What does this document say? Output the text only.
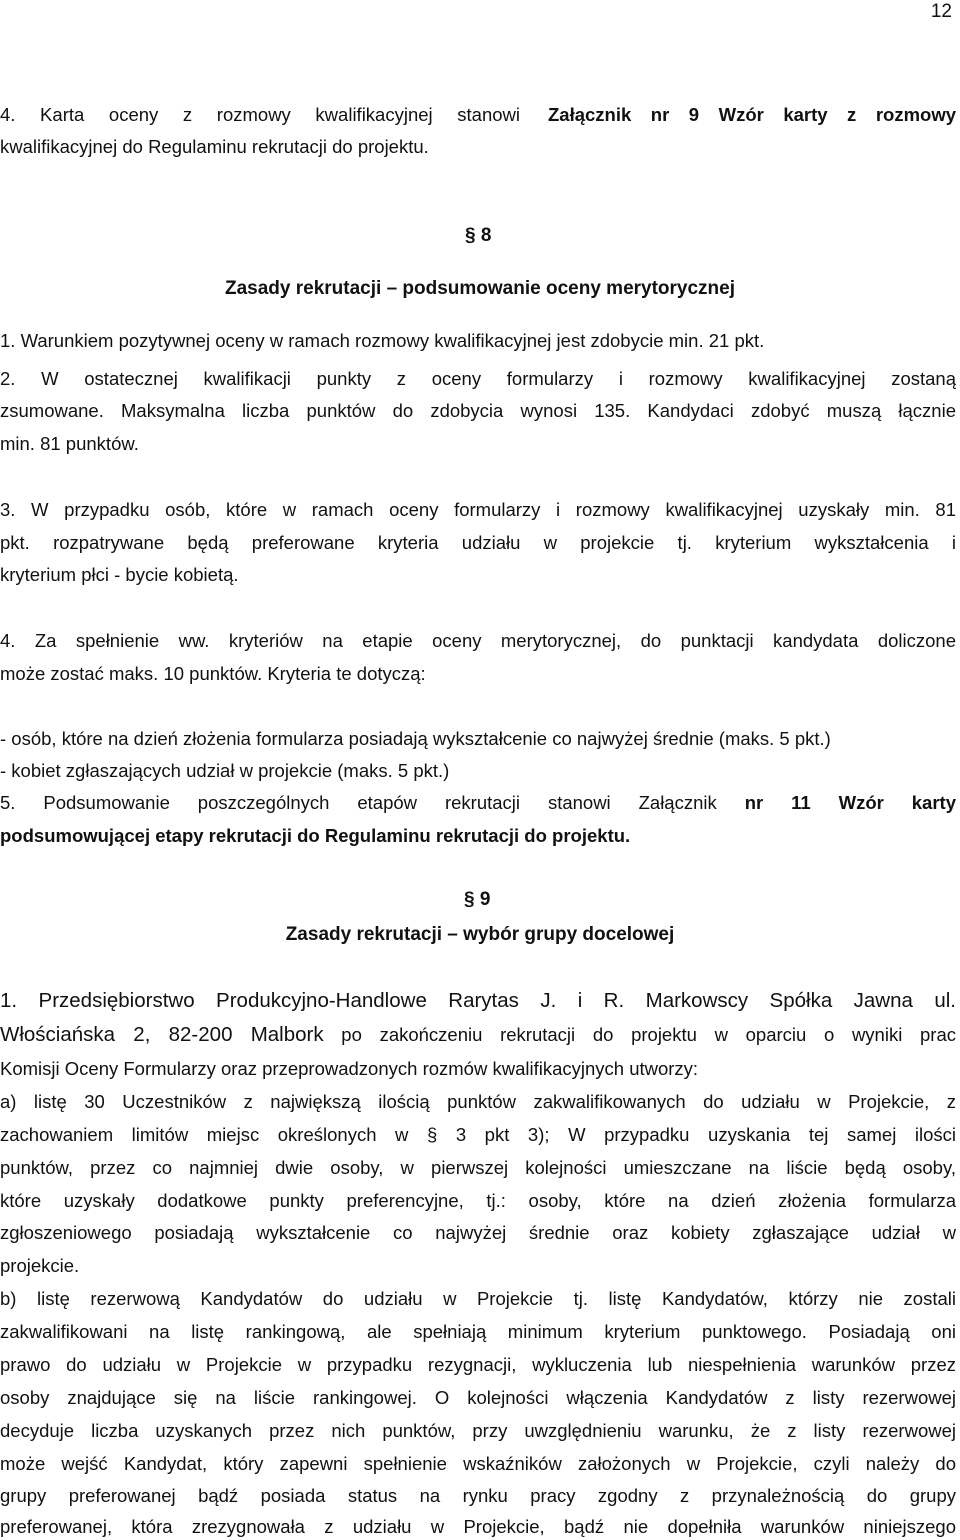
12
4. Karta oceny z rozmowy kwalifikacyjnej stanowi Załącznik nr 9 Wzór karty z rozmowy
kwalifikacyjnej do Regulaminu rekrutacji do projektu.
§ 8
Zasady rekrutacji – podsumowanie oceny merytorycznej
1. Warunkiem pozytywnej oceny w ramach rozmowy kwalifikacyjnej jest zdobycie min. 21 pkt.
2. W ostatecznej kwalifikacji punkty z oceny formularzy i rozmowy kwalifikacyjnej zostaną
zsumowane. Maksymalna liczba punktów do zdobycia wynosi 135. Kandydaci zdobyć muszą łącznie
min. 81 punktów.
3. W przypadku osób, które w ramach oceny formularzy i rozmowy kwalifikacyjnej uzyskały min. 81
pkt. rozpatrywane będą preferowane kryteria udziału w projekcie tj. kryterium wykształcenia i
kryterium płci - bycie kobietą.
4. Za spełnienie ww. kryteriów na etapie oceny merytorycznej, do punktacji kandydata doliczone
może zostać maks. 10 punktów. Kryteria te dotyczą:
- osób, które na dzień złożenia formularza posiadają wykształcenie co najwyżej średnie (maks. 5 pkt.)
- kobiet zgłaszających udział w projekcie (maks. 5 pkt.)
5. Podsumowanie poszczególnych etapów rekrutacji stanowi Załącznik nr 11 Wzór karty
podsumowującej etapy rekrutacji do Regulaminu rekrutacji do projektu.
§ 9
Zasady rekrutacji – wybór grupy docelowej
1. Przedsiębiorstwo Produkcyjno-Handlowe Rarytas J. i R. Markowscy Spółka Jawna ul.
Włościańska 2, 82-200 Malbork po zakończeniu rekrutacji do projektu w oparciu o wyniki prac
Komisji Oceny Formularzy oraz przeprowadzonych rozmów kwalifikacyjnych utworzy:
a) listę 30 Uczestników z największą ilością punktów zakwalifikowanych do udziału w Projekcie, z
zachowaniem limitów miejsc określonych w § 3 pkt 3); W przypadku uzyskania tej samej ilości
punktów, przez co najmniej dwie osoby, w pierwszej kolejności umieszczane na liście będą osoby,
które uzyskały dodatkowe punkty preferencyjne, tj.: osoby, które na dzień złożenia formularza
zgłoszeniowego posiadają wykształcenie co najwyżej średnie oraz kobiety zgłaszające udział w
projekcie.
b) listę rezerwową Kandydatów do udziału w Projekcie tj. listę Kandydatów, którzy nie zostali
zakwalifikowani na listę rankingową, ale spełniają minimum kryterium punktowego. Posiadają oni
prawo do udziału w Projekcie w przypadku rezygnacji, wykluczenia lub niespełnienia warunków przez
osoby znajdujące się na liście rankingowej. O kolejności włączenia Kandydatów z listy rezerwowej
decyduje liczba uzyskanych przez nich punktów, przy uwzględnieniu warunku, że z listy rezerwowej
może wejść Kandydat, który zapewni spełnienie wskaźników założonych w Projekcie, czyli należy do
grupy preferowanej bądź posiada status na rynku pracy zgodny z przynależnością do grupy
preferowanej, która zrezygnowała z udziału w Projekcie, bądź nie dopełniła warunków niniejszego
